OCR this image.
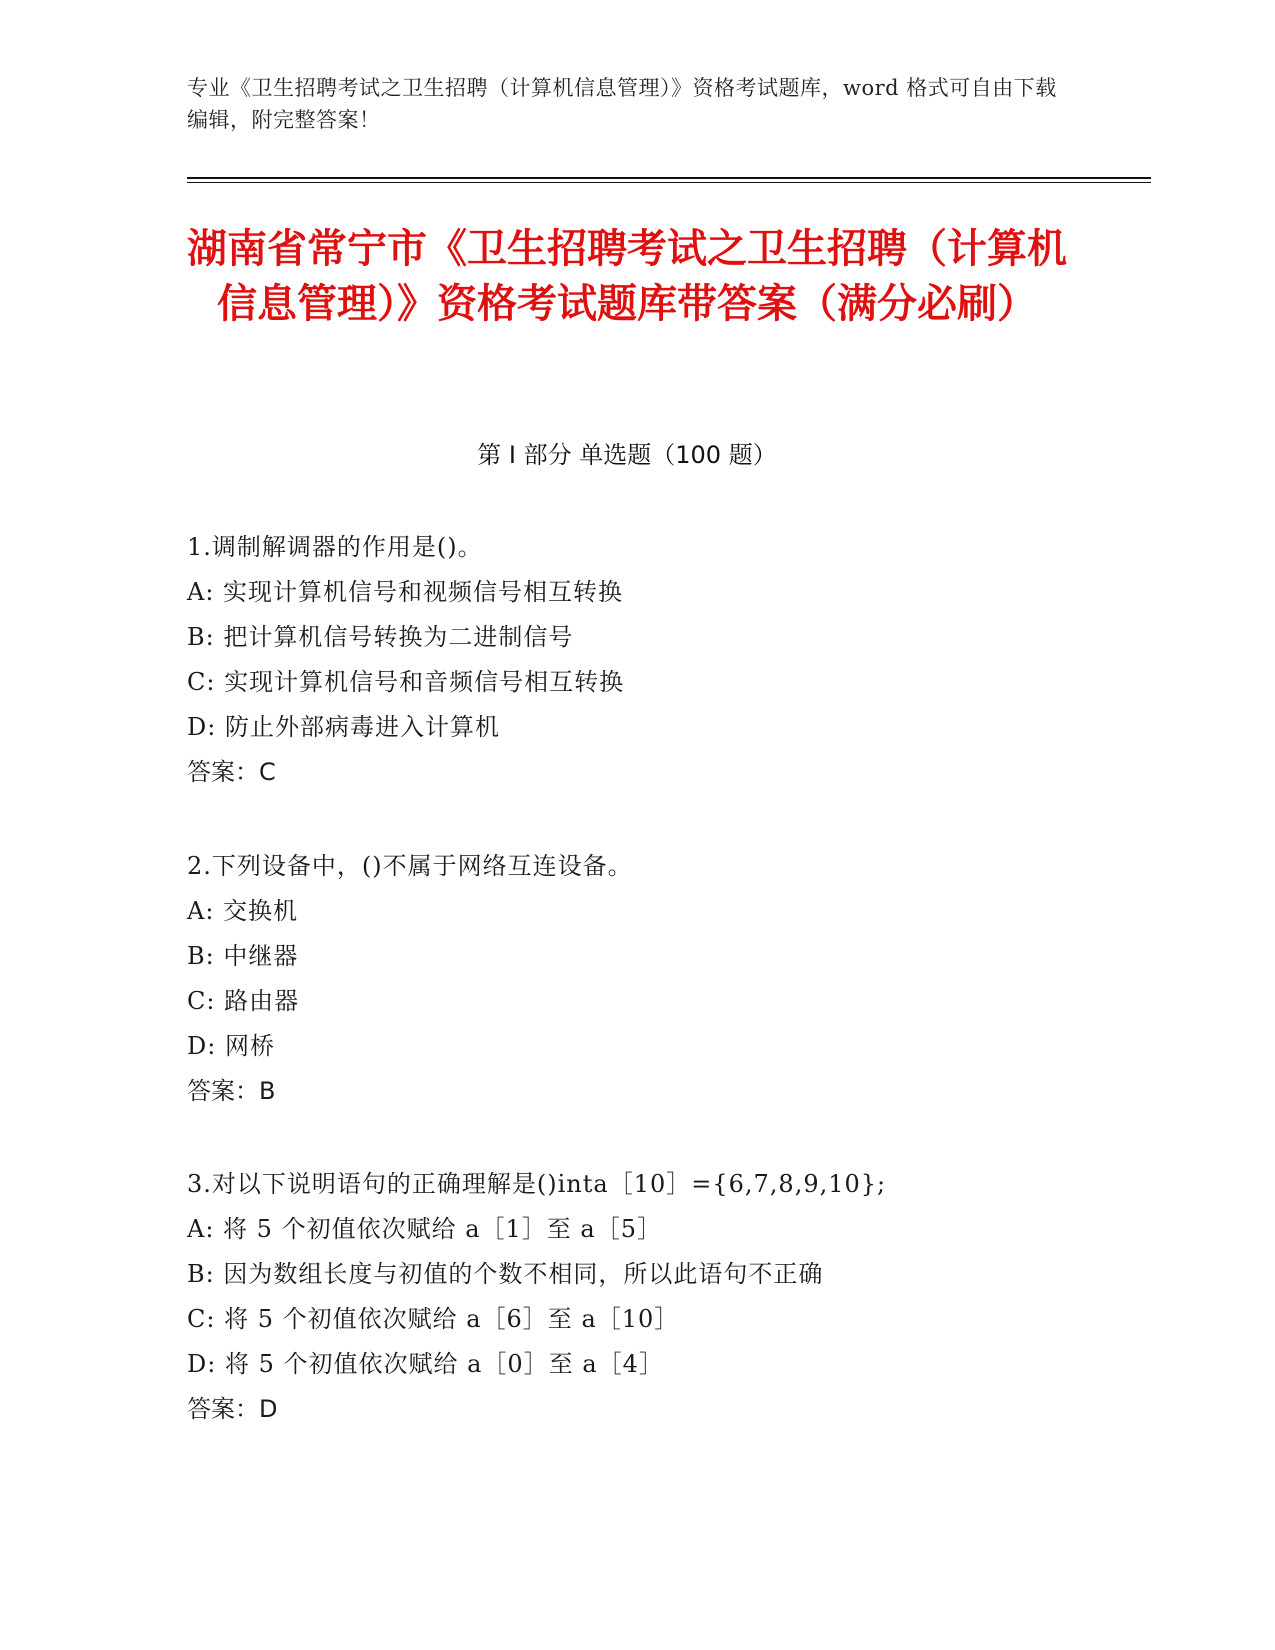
专业《卫生招聘考试之卫生招聘（计算机信息管理）》资格考试题库，word 格式可自由下载编辑，附完整答案！
湖南省常宁市《卫生招聘考试之卫生招聘（计算机信息管理）》资格考试题库带答案（满分必刷）
第 I 部分 单选题（100 题）
1.调制解调器的作用是()。
A: 实现计算机信号和视频信号相互转换
B: 把计算机信号转换为二进制信号
C: 实现计算机信号和音频信号相互转换
D: 防止外部病毒进入计算机
答案：C
2.下列设备中，()不属于网络互连设备。
A: 交换机
B: 中继器
C: 路由器
D: 网桥
答案：B
3.对以下说明语句的正确理解是()inta［10］={6,7,8,9,10};
A: 将 5 个初值依次赋给 a［1］至 a［5］
B: 因为数组长度与初值的个数不相同，所以此语句不正确
C: 将 5 个初值依次赋给 a［6］至 a［10］
D: 将 5 个初值依次赋给 a［0］至 a［4］
答案：D
